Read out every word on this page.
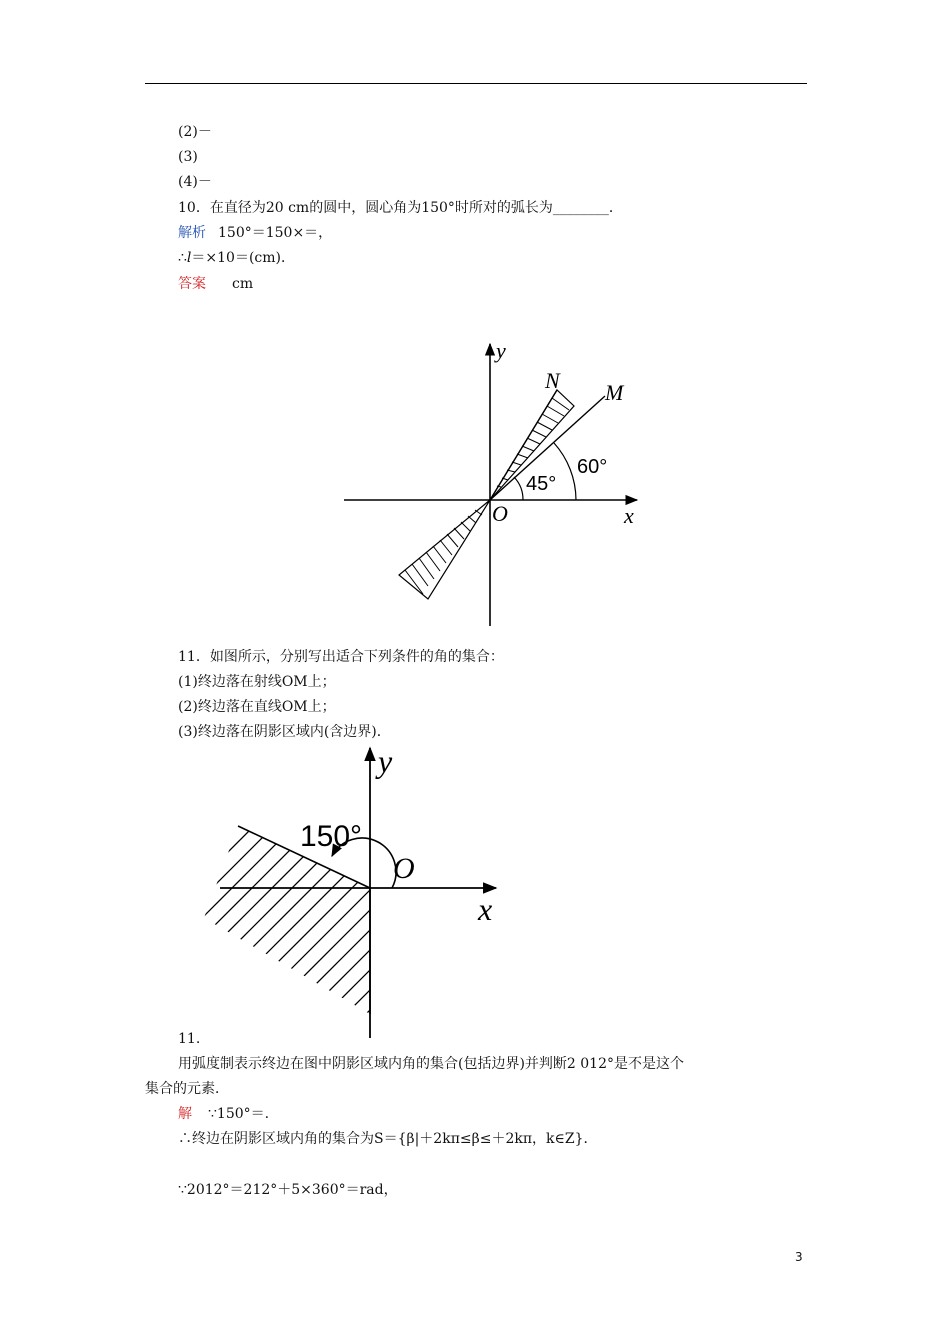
(2)－
(3)
(4)－
10．在直径为20 cm的圆中，圆心角为150°时所对的弧长为________．
解析 150°＝150×＝，
∴l＝×10＝(cm)．
答案 cm
y
x
O
N M
45°
60°
11．如图所示，分别写出适合下列条件的角的集合：
(1)终边落在射线OM上；
(2)终边落在直线OM上；
(3)终边落在阴影区域内(含边界)．
y
x
O
150°
11.
用弧度制表示终边在图中阴影区域内角的集合(包括边界)并判断2 012°是不是这个
集合的元素．
解 ∵150°＝.
∴终边在阴影区域内角的集合为S＝{β|＋2kπ≤β≤＋2kπ，k∈Z}．
∵2012°＝212°＋5×360°＝rad，
3
